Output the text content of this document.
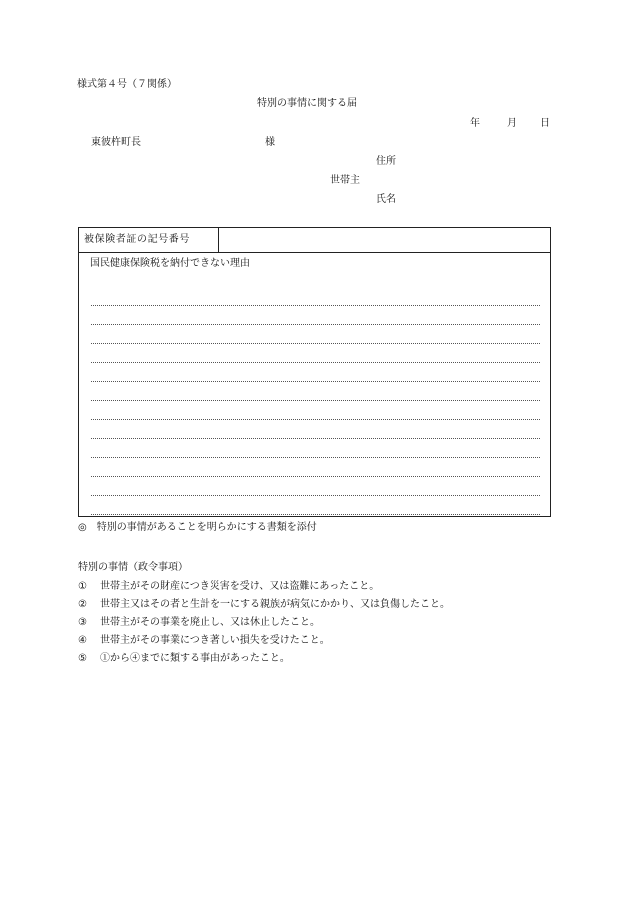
様式第４号（７関係）
特別の事情に関する届
年	月 日
東彼杵町長	様
住所
世帯主
氏名
被保険者証の記号番号
国民健康保険税を納付できない理由
◎　特別の事情があることを明らかにする書類を添付
特別の事情（政令事項）
① 世帯主がその財産につき災害を受け、又は盗難にあったこと。
② 世帯主又はその者と生計を一にする親族が病気にかかり、又は負傷したこと。
③ 世帯主がその事業を廃止し、又は休止したこと。
④ 世帯主がその事業につき著しい損失を受けたこと。
⑤ ①から④までに類する事由があったこと。
